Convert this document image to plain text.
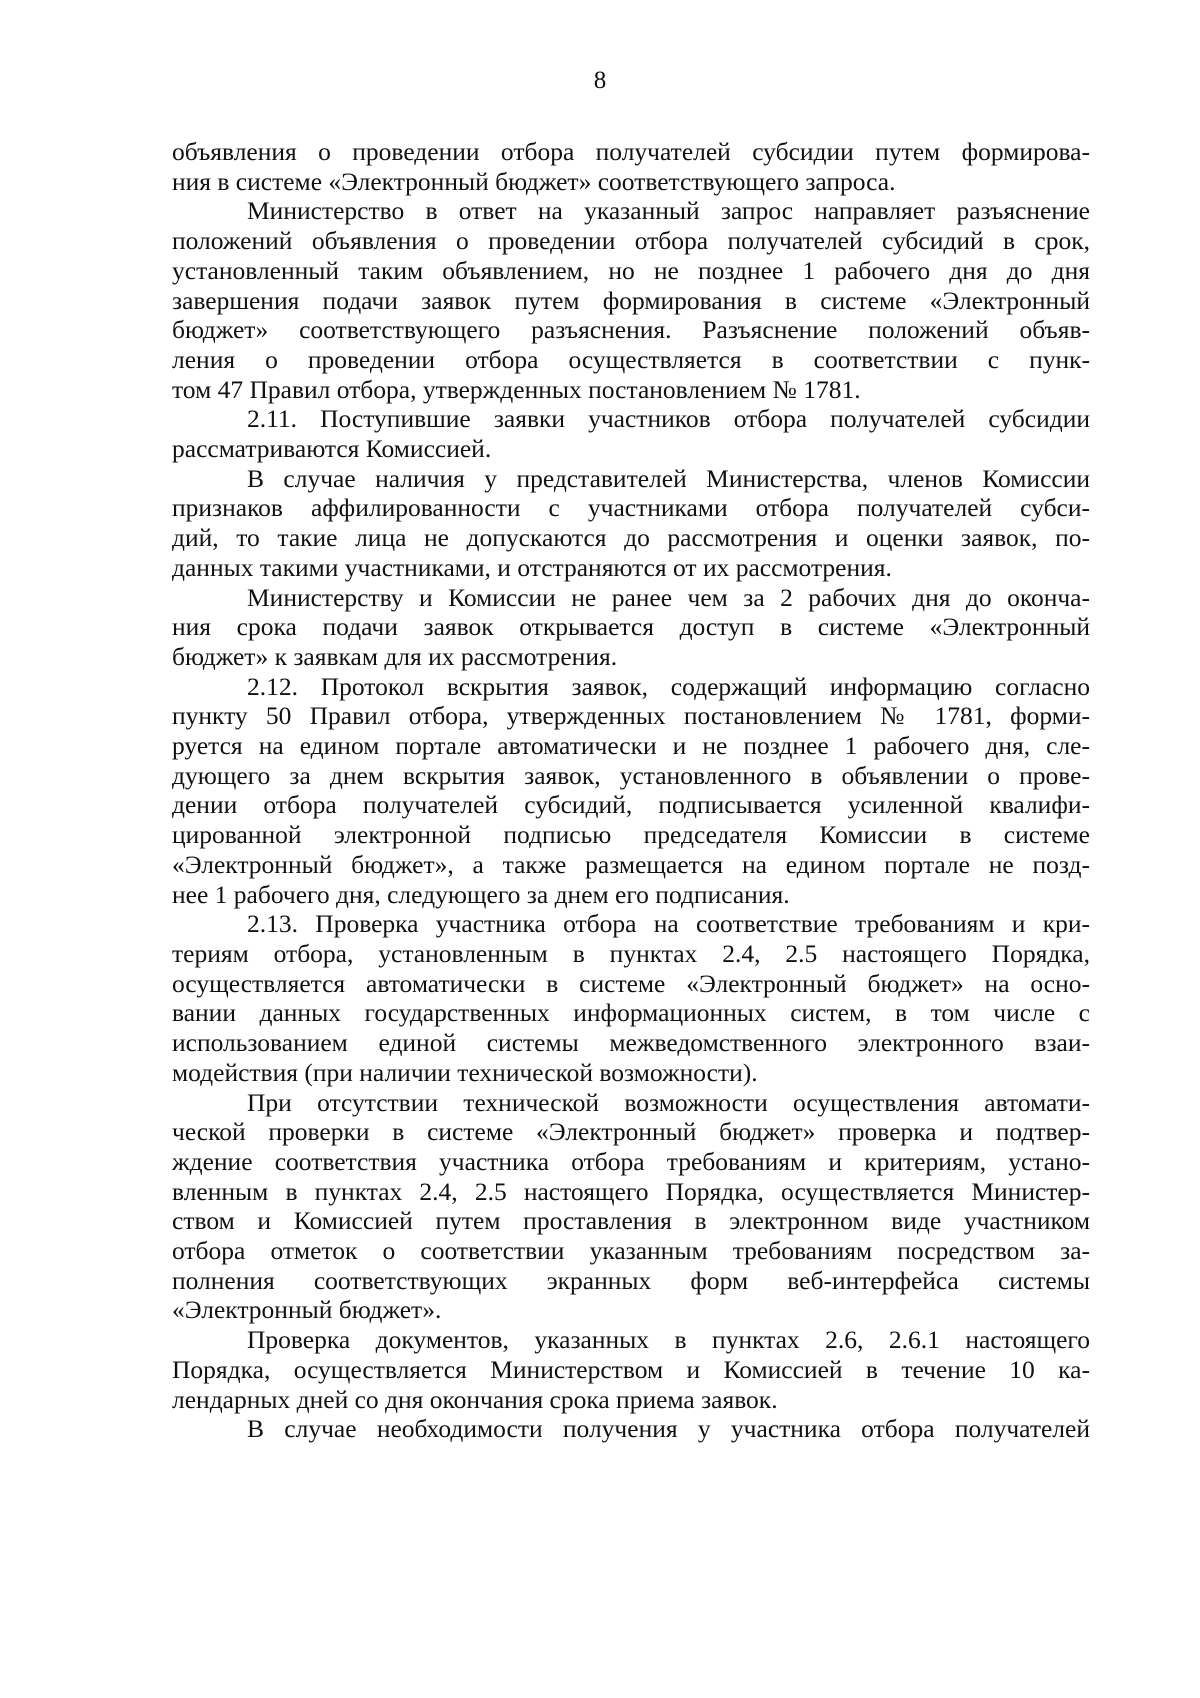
8

объявления о проведении отбора получателей субсидии путем формирова-
ния в системе «Электронный бюджет» соответствующего запроса.

Министерство в ответ на указанный запрос направляет разъяснение
положений объявления о проведении отбора получателей субсидий в срок,
установленный таким объявлением, но не позднее 1 рабочего дня до дня
завершения подачи заявок путем формирования в системе «Электронный
бюджет» соответствующего разъяснения. Разъяснение положений объяв-
ления о проведении отбора осуществляется в соответствии с пунк-
том 47 Правил отбора, утвержденных постановлением № 1781.

2.11. Поступившие заявки участников отбора получателей субсидии
рассматриваются Комиссией.

В случае наличия у представителей Министерства, членов Комиссии
признаков аффилированности с участниками отбора получателей субси-
дий, то такие лица не допускаются до рассмотрения и оценки заявок, по-
данных такими участниками, и отстраняются от их рассмотрения.

Министерству и Комиссии не ранее чем за 2 рабочих дня до оконча-
ния срока подачи заявок открывается доступ в системе «Электронный
бюджет» к заявкам для их рассмотрения.

2.12. Протокол вскрытия заявок, содержащий информацию согласно
пункту 50 Правил отбора, утвержденных постановлением № 1781, форми-
руется на едином портале автоматически и не позднее 1 рабочего дня, сле-
дующего за днем вскрытия заявок, установленного в объявлении о прове-
дении отбора получателей субсидий, подписывается усиленной квалифи-
цированной электронной подписью председателя Комиссии в системе
«Электронный бюджет», а также размещается на едином портале не позд-
нее 1 рабочего дня, следующего за днем его подписания.

2.13. Проверка участника отбора на соответствие требованиям и кри-
териям отбора, установленным в пунктах 2.4, 2.5 настоящего Порядка,
осуществляется автоматически в системе «Электронный бюджет» на осно-
вании данных государственных информационных систем, в том числе с
использованием единой системы межведомственного электронного взаи-
модействия (при наличии технической возможности).

При отсутствии технической возможности осуществления автомати-
ческой проверки в системе «Электронный бюджет» проверка и подтвер-
ждение соответствия участника отбора требованиям и критериям, устано-
вленным в пунктах 2.4, 2.5 настоящего Порядка, осуществляется Министер-
ством и Комиссией путем проставления в электронном виде участником
отбора отметок о соответствии указанным требованиям посредством за-
полнения соответствующих экранных форм веб-интерфейса системы
«Электронный бюджет».

Проверка документов, указанных в пунктах 2.6, 2.6.1 настоящего
Порядка, осуществляется Министерством и Комиссией в течение 10 ка-
лендарных дней со дня окончания срока приема заявок.

В случае необходимости получения у участника отбора получателей
